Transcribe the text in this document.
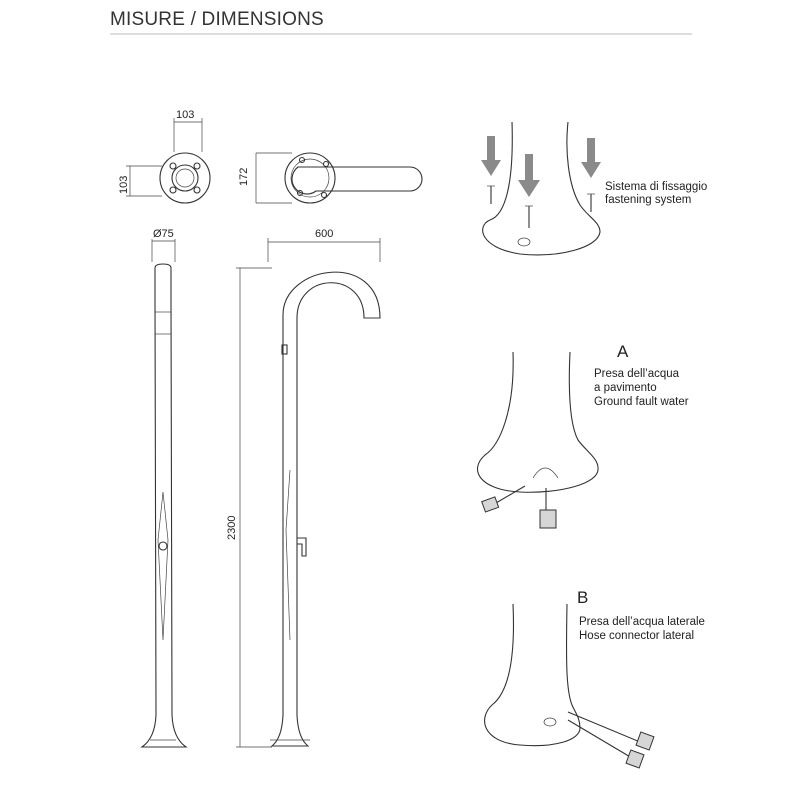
MISURE / DIMENSIONS
103
103	172
Ø75	600
2300
Sistema di fissaggio
fastening system
A
Presa dell’acqua
a pavimento
Ground fault water
B
Presa dell’acqua laterale
Hose connector lateral
